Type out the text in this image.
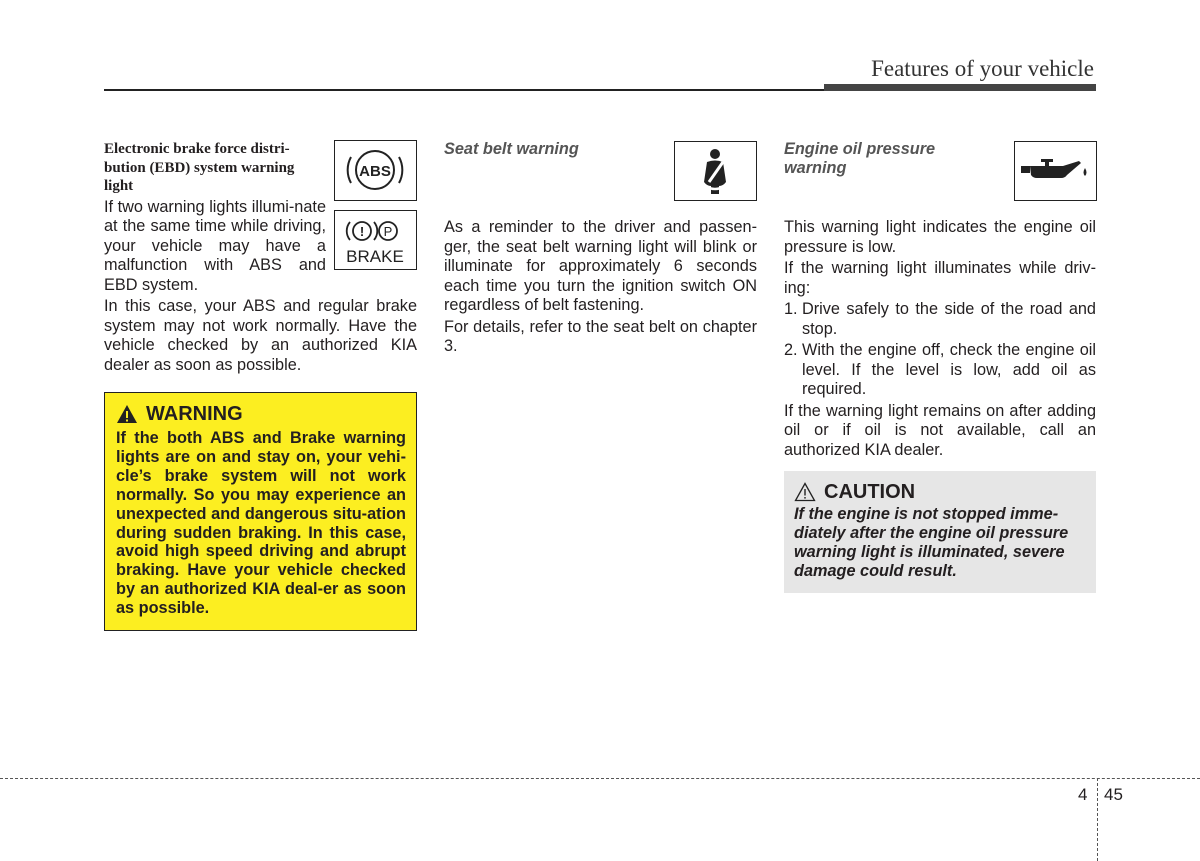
Features of your vehicle
Electronic brake force distri-bution (EBD) system warning light
If two warning lights illumi-nate at the same time while driving, your vehicle may have a malfunction with ABS and EBD system.
In this case, your ABS and regular brake system may not work normally. Have the vehicle checked by an authorized KIA dealer as soon as possible.
ABS
! P
BRAKE
WARNING
If the both ABS and Brake warning lights are on and stay on, your vehi-cle’s brake system will not work normally. So you may experience an unexpected and dangerous situ-ation during sudden braking. In this case, avoid high speed driving and abrupt braking. Have your vehicle checked by an authorized KIA deal-er as soon as possible.
Seat belt warning
As a reminder to the driver and passen-ger, the seat belt warning light will blink or illuminate for approximately 6 seconds each time you turn the ignition switch ON regardless of belt fastening.
For details, refer to the seat belt on chapter 3.
Engine oil pressure warning
This warning light indicates the engine oil pressure is low.
If the warning light illuminates while driv-ing:
1. Drive safely to the side of the road and stop.
2. With the engine off, check the engine oil level. If the level is low, add oil as required.
If the warning light remains on after adding oil or if oil is not available, call an authorized KIA dealer.
CAUTION
If the engine is not stopped imme-diately after the engine oil pressure warning light is illuminated, severe damage could result.
4 45
